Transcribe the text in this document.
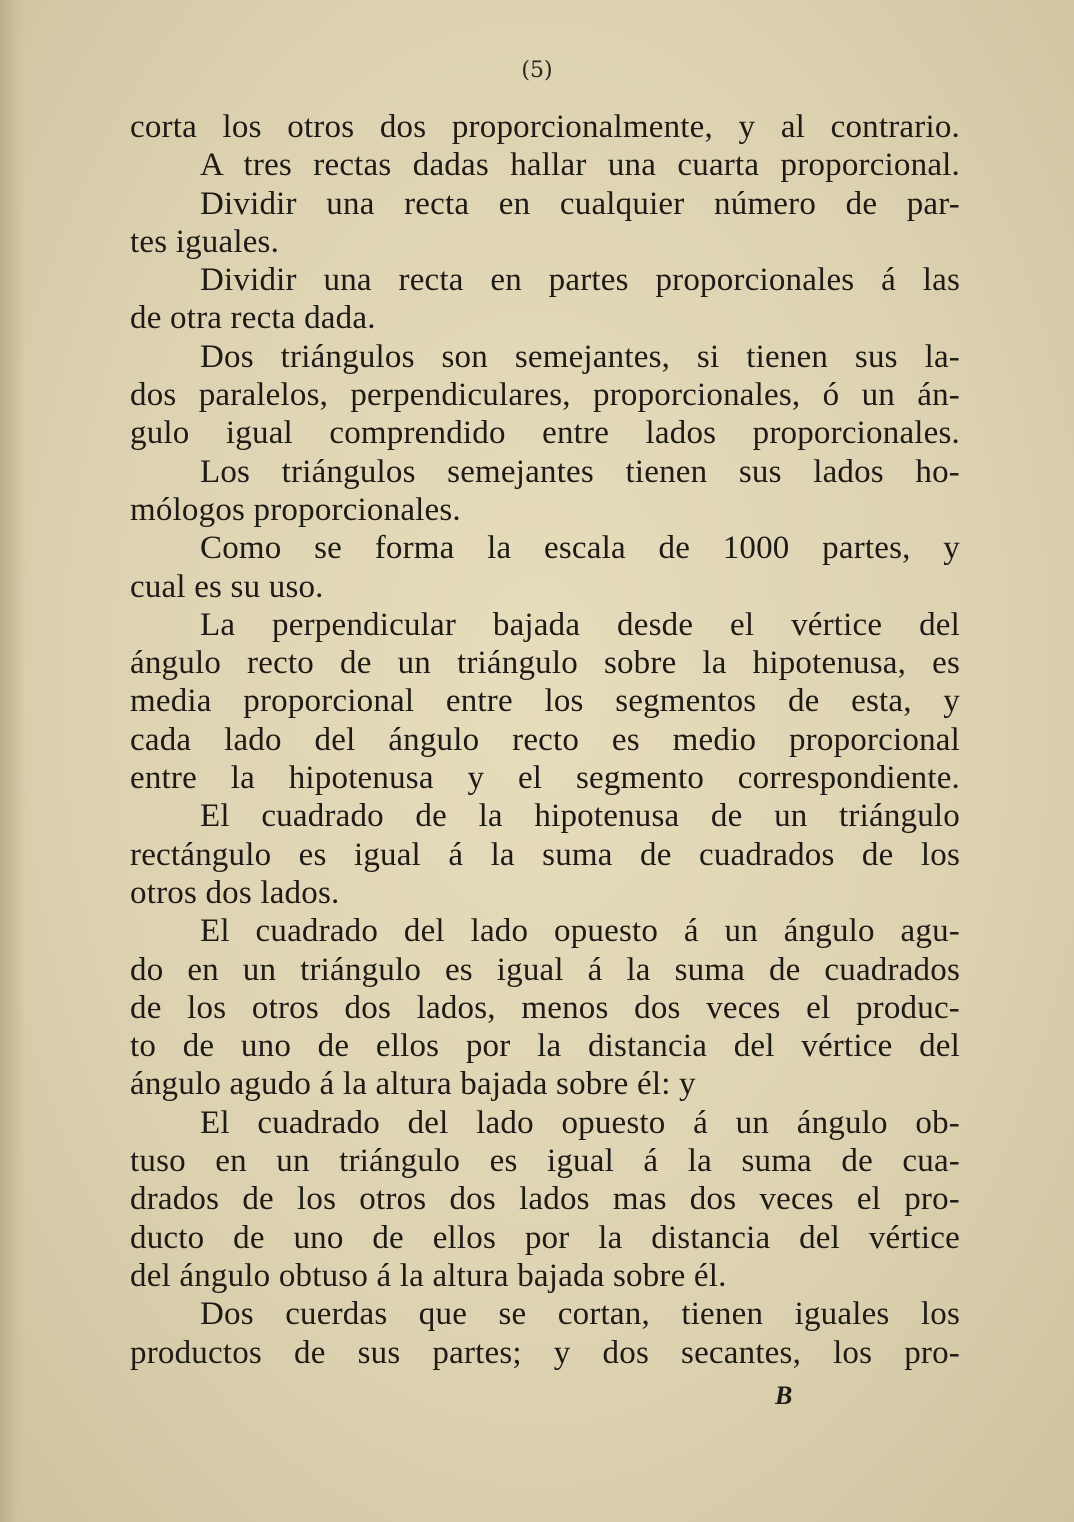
(5)
corta los otros dos proporcionalmente, y al contrario.
A tres rectas dadas hallar una cuarta proporcional.
Dividir una recta en cualquier número de par-
tes iguales.
Dividir una recta en partes proporcionales á las
de otra recta dada.
Dos triángulos son semejantes, si tienen sus la-
dos paralelos, perpendiculares, proporcionales, ó un án-
gulo igual comprendido entre lados proporcionales.
Los triángulos semejantes tienen sus lados ho-
mólogos proporcionales.
Como se forma la escala de 1000 partes, y
cual es su uso.
La perpendicular bajada desde el vértice del
ángulo recto de un triángulo sobre la hipotenusa, es
media proporcional entre los segmentos de esta, y
cada lado del ángulo recto es medio proporcional
entre la hipotenusa y el segmento correspondiente.
El cuadrado de la hipotenusa de un triángulo
rectángulo es igual á la suma de cuadrados de los
otros dos lados.
El cuadrado del lado opuesto á un ángulo agu-
do en un triángulo es igual á la suma de cuadrados
de los otros dos lados, menos dos veces el produc-
to de uno de ellos por la distancia del vértice del
ángulo agudo á la altura bajada sobre él: y
El cuadrado del lado opuesto á un ángulo ob-
tuso en un triángulo es igual á la suma de cua-
drados de los otros dos lados mas dos veces el pro-
ducto de uno de ellos por la distancia del vértice
del ángulo obtuso á la altura bajada sobre él.
Dos cuerdas que se cortan, tienen iguales los
productos de sus partes; y dos secantes, los pro-
B
